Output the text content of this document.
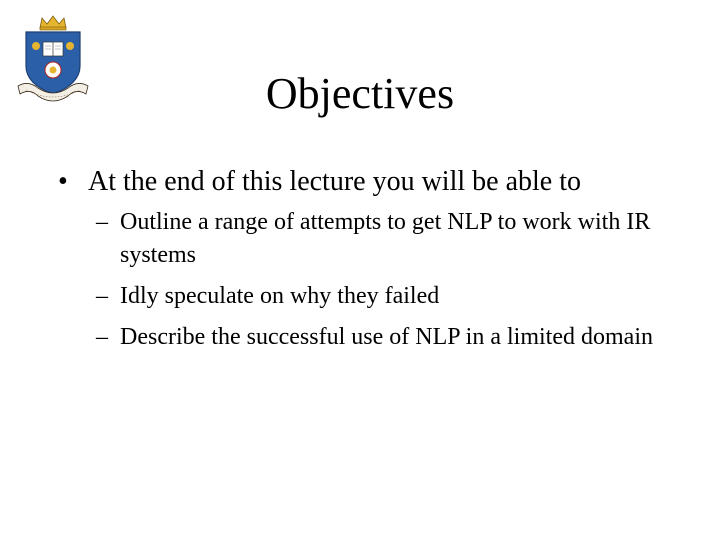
Objectives
• At the end of this lecture you will be able to
– Outline a range of attempts to get NLP to work with IR systems
– Idly speculate on why they failed
– Describe the successful use of NLP in a limited domain
